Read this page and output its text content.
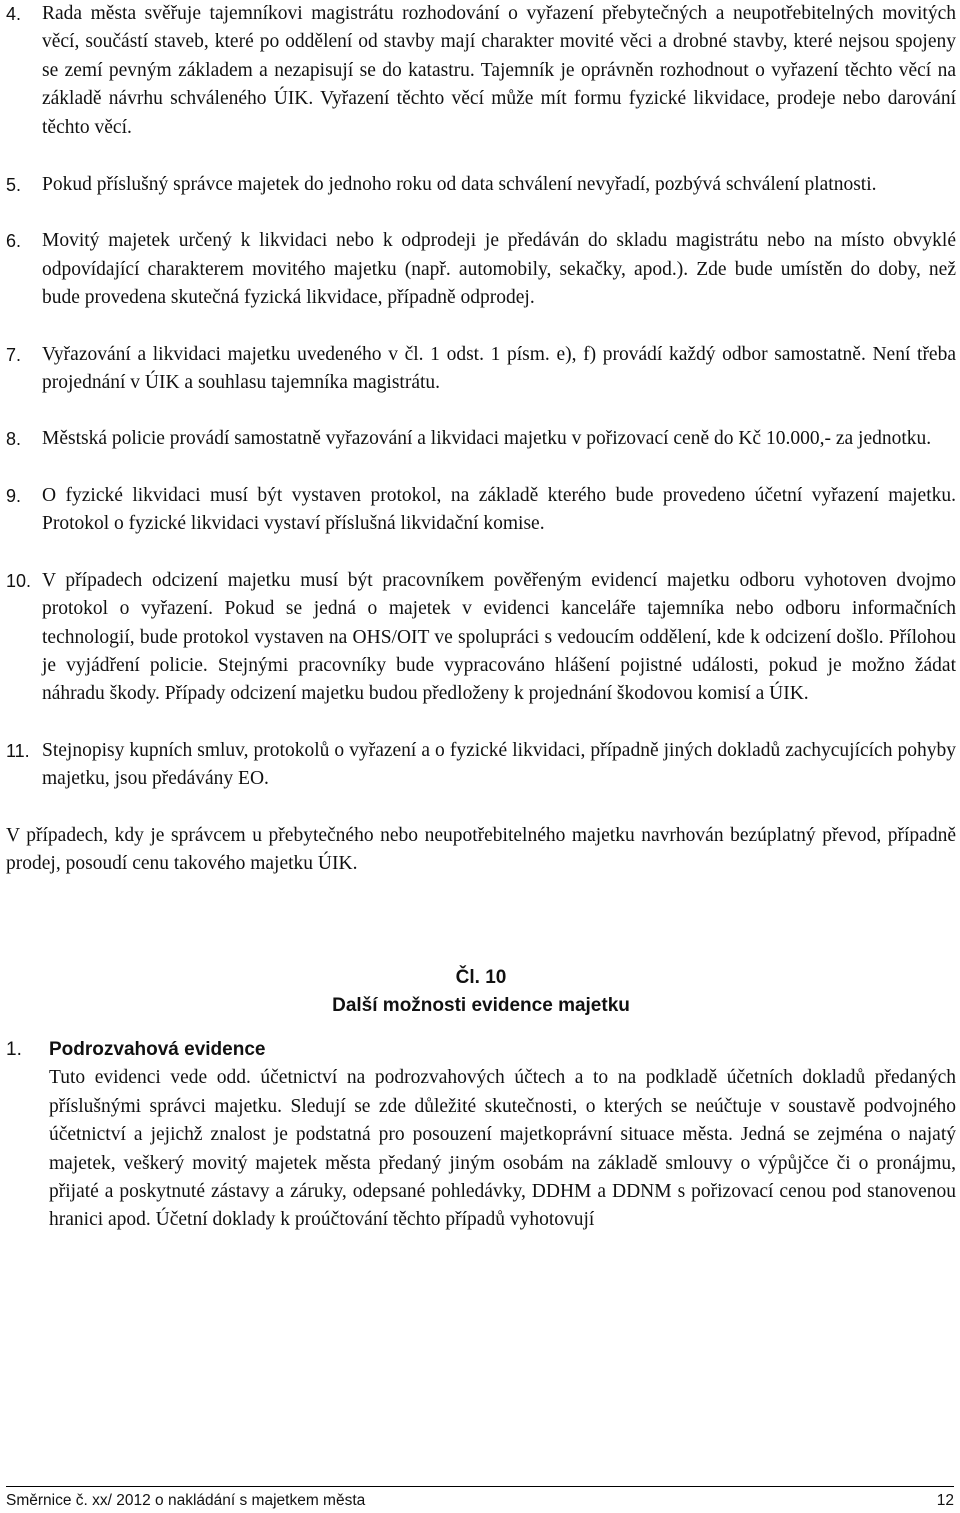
4.	Rada města svěřuje tajemníkovi magistrátu rozhodování o vyřazení přebytečných a neupotřebitelných movitých věcí, součástí staveb, které po oddělení od stavby mají charakter movité věci a drobné stavby, které nejsou spojeny se zemí pevným základem a nezapisují se do katastru. Tajemník je oprávněn rozhodnout o vyřazení těchto věcí na základě návrhu schváleného ÚIK. Vyřazení těchto věcí může mít formu fyzické likvidace, prodeje nebo darování těchto věcí.
5.	Pokud příslušný správce majetek do jednoho roku od data schválení nevyřadí, pozbývá schválení platnosti.
6.	Movitý majetek určený k likvidaci nebo k odprodeji je předáván do skladu magistrátu nebo na místo obvyklé odpovídající charakterem movitého majetku (např. automobily, sekačky, apod.). Zde bude umístěn do doby, než bude provedena skutečná fyzická likvidace, případně odprodej.
7.	Vyřazování a likvidaci majetku uvedeného v čl. 1 odst. 1 písm. e), f) provádí každý odbor samostatně. Není třeba projednání v ÚIK a souhlasu tajemníka magistrátu.
8.	Městská policie provádí samostatně vyřazování a likvidaci majetku v pořizovací ceně do Kč 10.000,- za jednotku.
9.	O fyzické likvidaci musí být vystaven protokol, na základě kterého bude provedeno účetní vyřazení majetku. Protokol o fyzické likvidaci vystaví příslušná likvidační komise.
10. V případech odcizení majetku musí být pracovníkem pověřeným evidencí majetku odboru vyhotoven dvojmo protokol o vyřazení. Pokud se jedná o majetek v evidenci kanceláře tajemníka nebo odboru informačních technologií, bude protokol vystaven na OHS/OIT ve spolupráci s vedoucím oddělení, kde k odcizení došlo. Přílohou je vyjádření policie. Stejnými pracovníky bude vypracováno hlášení pojistné události, pokud je možno žádat náhradu škody. Případy odcizení majetku budou předloženy k projednání škodovou komisí a ÚIK.
11. Stejnopisy kupních smluv, protokolů o vyřazení a o fyzické likvidaci, případně jiných dokladů zachycujících pohyby majetku, jsou předávány EO.

V případech, kdy je správcem u přebytečného nebo neupotřebitelného majetku navrhován bezúplatný převod, případně prodej, posoudí cenu takového majetku ÚIK.

Čl. 10

Další možnosti evidence majetku

1. Podrozvahová evidence

Tuto evidenci vede odd. účetnictví na podrozvahových účtech a to na podkladě účetních dokladů předaných příslušnými správci majetku. Sledují se zde důležité skutečnosti, o kterých se neúčtuje v soustavě podvojného účetnictví a jejichž znalost je podstatná pro posouzení majetkoprávní situace města. Jedná se zejména o najatý majetek, veškerý movitý majetek města předaný jiným osobám na základě smlouvy o výpůjčce či o pronájmu, přijaté a poskytnuté zástavy a záruky, odepsané pohledávky, DDHM a DDNM s pořizovací cenou pod stanovenou hranici apod. Účetní doklady k proúčtování těchto případů vyhotovují

Směrnice č. xx/ 2012 o nakládání s majetkem města	12
